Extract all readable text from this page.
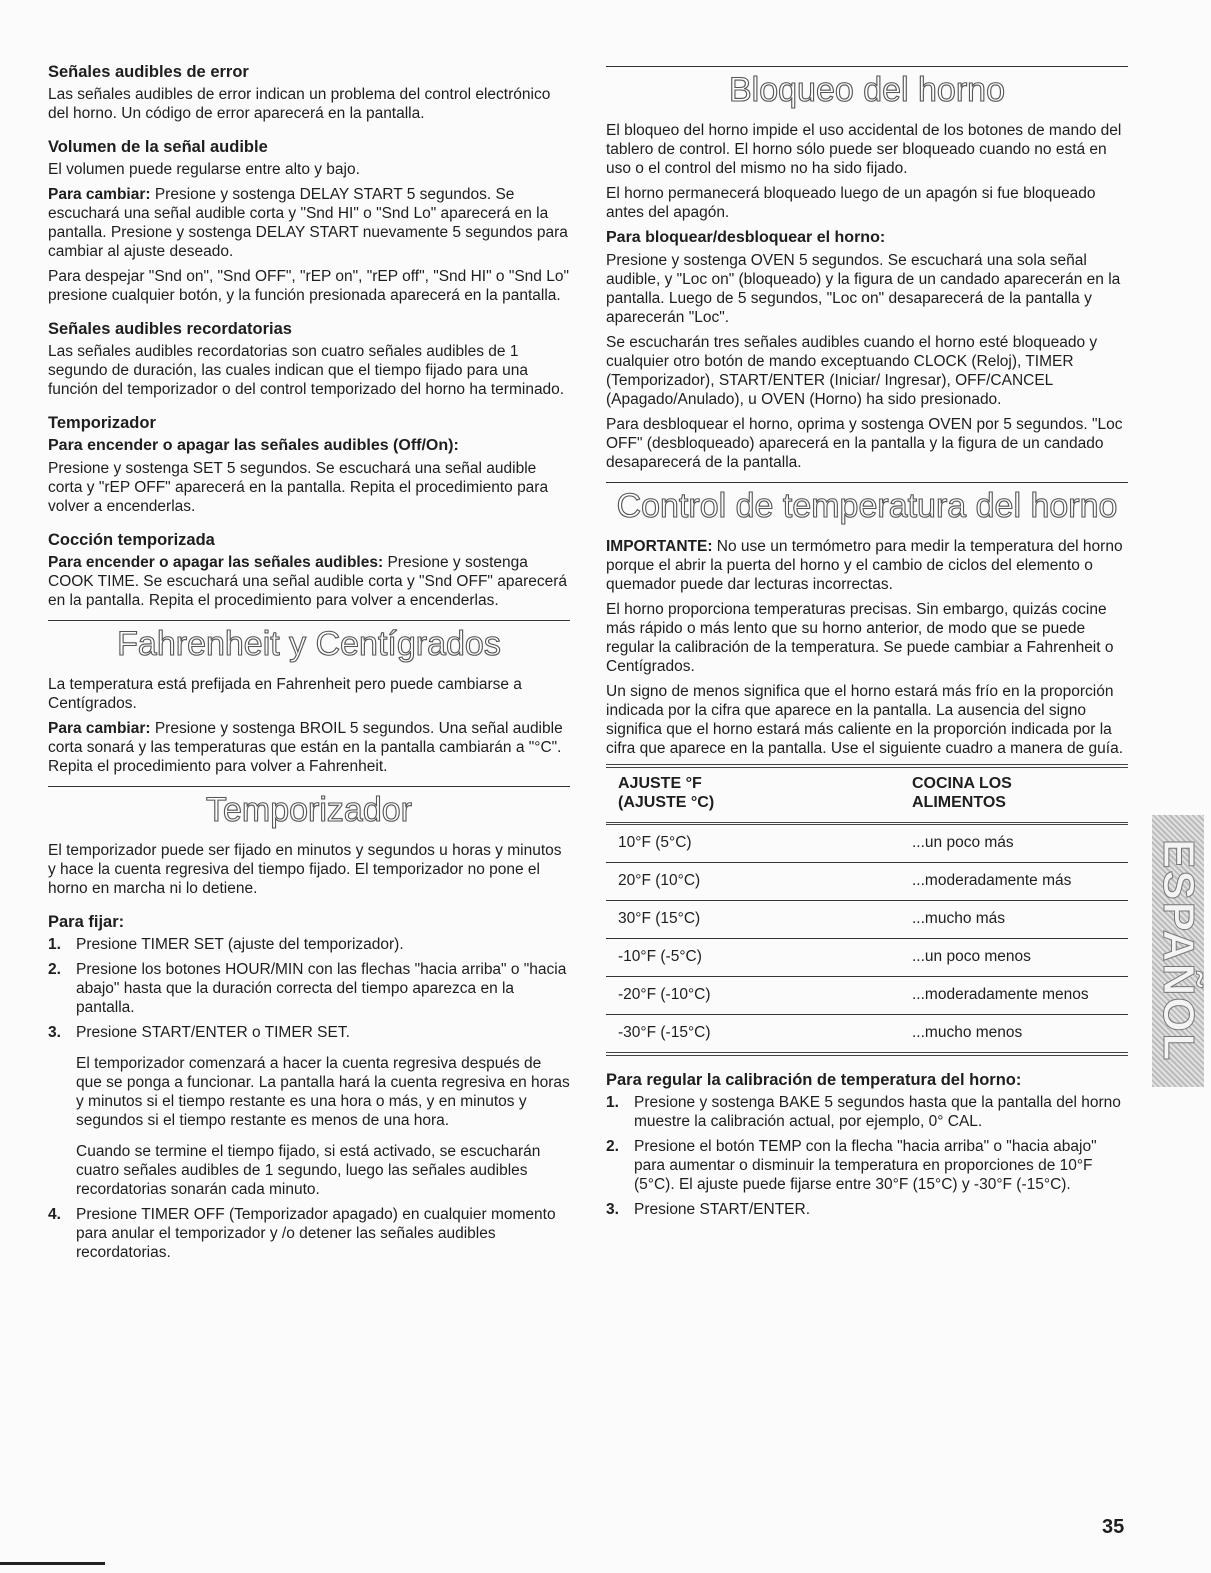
Señales audibles de error

Las señales audibles de error indican un problema del control electrónico del horno. Un código de error aparecerá en la pantalla.

Volumen de la señal audible

El volumen puede regularse entre alto y bajo.

Para cambiar: Presione y sostenga DELAY START 5 segundos. Se escuchará una señal audible corta y "Snd HI" o "Snd Lo" aparecerá en la pantalla. Presione y sostenga DELAY START nuevamente 5 segundos para cambiar al ajuste deseado.

Para despejar "Snd on", "Snd OFF", "rEP on", "rEP off", "Snd HI" o "Snd Lo" presione cualquier botón, y la función presionada aparecerá en la pantalla.

Señales audibles recordatorias

Las señales audibles recordatorias son cuatro señales audibles de 1 segundo de duración, las cuales indican que el tiempo fijado para una función del temporizador o del control temporizado del horno ha terminado.

Temporizador
Para encender o apagar las señales audibles (Off/On):

Presione y sostenga SET 5 segundos. Se escuchará una señal audible corta y "rEP OFF" aparecerá en la pantalla. Repita el procedimiento para volver a encenderlas.

Cocción temporizada

Para encender o apagar las señales audibles: Presione y sostenga COOK TIME. Se escuchará una señal audible corta y "Snd OFF" aparecerá en la pantalla. Repita el procedimiento para volver a encenderlas.

Fahrenheit y Centígrados

La temperatura está prefijada en Fahrenheit pero puede cambiarse a Centígrados.

Para cambiar: Presione y sostenga BROIL 5 segundos. Una señal audible corta sonará y las temperaturas que están en la pantalla cambiarán a "°C". Repita el procedimiento para volver a Fahrenheit.

Temporizador

El temporizador puede ser fijado en minutos y segundos u horas y minutos y hace la cuenta regresiva del tiempo fijado. El temporizador no pone el horno en marcha ni lo detiene.

Para fijar:
1. Presione TIMER SET (ajuste del temporizador).
2. Presione los botones HOUR/MIN con las flechas "hacia arriba" o "hacia abajo" hasta que la duración correcta del tiempo aparezca en la pantalla.
3. Presione START/ENTER o TIMER SET.
El temporizador comenzará a hacer la cuenta regresiva después de que se ponga a funcionar. La pantalla hará la cuenta regresiva en horas y minutos si el tiempo restante es una hora o más, y en minutos y segundos si el tiempo restante es menos de una hora.
Cuando se termine el tiempo fijado, si está activado, se escucharán cuatro señales audibles de 1 segundo, luego las señales audibles recordatorias sonarán cada minuto.
4. Presione TIMER OFF (Temporizador apagado) en cualquier momento para anular el temporizador y /o detener las señales audibles recordatorias.
Bloqueo del horno

El bloqueo del horno impide el uso accidental de los botones de mando del tablero de control. El horno sólo puede ser bloqueado cuando no está en uso o el control del mismo no ha sido fijado.

El horno permanecerá bloqueado luego de un apagón si fue bloqueado antes del apagón.

Para bloquear/desbloquear el horno:

Presione y sostenga OVEN 5 segundos. Se escuchará una sola señal audible, y "Loc on" (bloqueado) y la figura de un candado aparecerán en la pantalla. Luego de 5 segundos, "Loc on" desaparecerá de la pantalla y aparecerán "Loc".

Se escucharán tres señales audibles cuando el horno esté bloqueado y cualquier otro botón de mando exceptuando CLOCK (Reloj), TIMER (Temporizador), START/ENTER (Iniciar/ Ingresar), OFF/CANCEL (Apagado/Anulado), u OVEN (Horno) ha sido presionado.

Para desbloquear el horno, oprima y sostenga OVEN por 5 segundos. "Loc OFF" (desbloqueado) aparecerá en la pantalla y la figura de un candado desaparecerá de la pantalla.

Control de temperatura del horno

IMPORTANTE: No use un termómetro para medir la temperatura del horno porque el abrir la puerta del horno y el cambio de ciclos del elemento o quemador puede dar lecturas incorrectas.

El horno proporciona temperaturas precisas. Sin embargo, quizás cocine más rápido o más lento que su horno anterior, de modo que se puede regular la calibración de la temperatura. Se puede cambiar a Fahrenheit o Centígrados.

Un signo de menos significa que el horno estará más frío en la proporción indicada por la cifra que aparece en la pantalla. La ausencia del signo significa que el horno estará más caliente en la proporción indicada por la cifra que aparece en la pantalla. Use el siguiente cuadro a manera de guía.

AJUSTE °F
(AJUSTE °C)	COCINA LOS
ALIMENTOS
10°F (5°C)	...un poco más
20°F (10°C)	...moderadamente más
30°F (15°C)	...mucho más
-10°F (-5°C)	...un poco menos
-20°F (-10°C)	...moderadamente menos
-30°F (-15°C)	...mucho menos
Para regular la calibración de temperatura del horno:
1. Presione y sostenga BAKE 5 segundos hasta que la pantalla del horno muestre la calibración actual, por ejemplo, 0° CAL.
2. Presione el botón TEMP con la flecha "hacia arriba" o "hacia abajo" para aumentar o disminuir la temperatura en proporciones de 10°F (5°C). El ajuste puede fijarse entre 30°F (15°C) y -30°F (-15°C).
3. Presione START/ENTER.
ESPAÑOL
35
